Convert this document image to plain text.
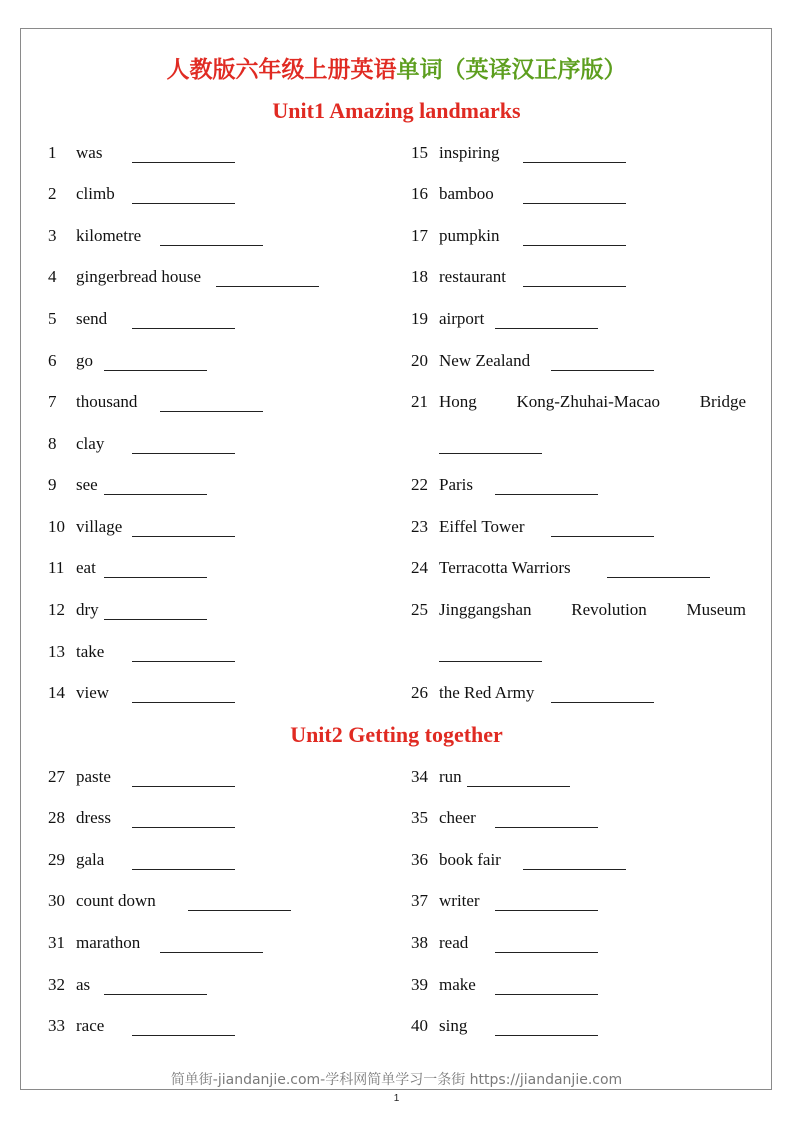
人教版六年级上册英语单词（英译汉正序版）
Unit1 Amazing landmarks
1 was
2 climb
3 kilometre
4 gingerbread house
5 send
6 go
7 thousand
8 clay
9 see
10 village
11 eat
12 dry
13 take
14 view
15 inspiring
16 bamboo
17 pumpkin
18 restaurant
19 airport
20 New Zealand
21 Hong Kong-Zhuhai-Macao Bridge
22 Paris
23 Eiffel Tower
24 Terracotta Warriors
25 Jinggangshan Revolution Museum
26 the Red Army
Unit2 Getting together
27 paste
28 dress
29 gala
30 count down
31 marathon
32 as
33 race
34 run
35 cheer
36 book fair
37 writer
38 read
39 make
40 sing
简单街-jiandanjie.com-学科网简单学习一条街 https://jiandanjie.com
1
